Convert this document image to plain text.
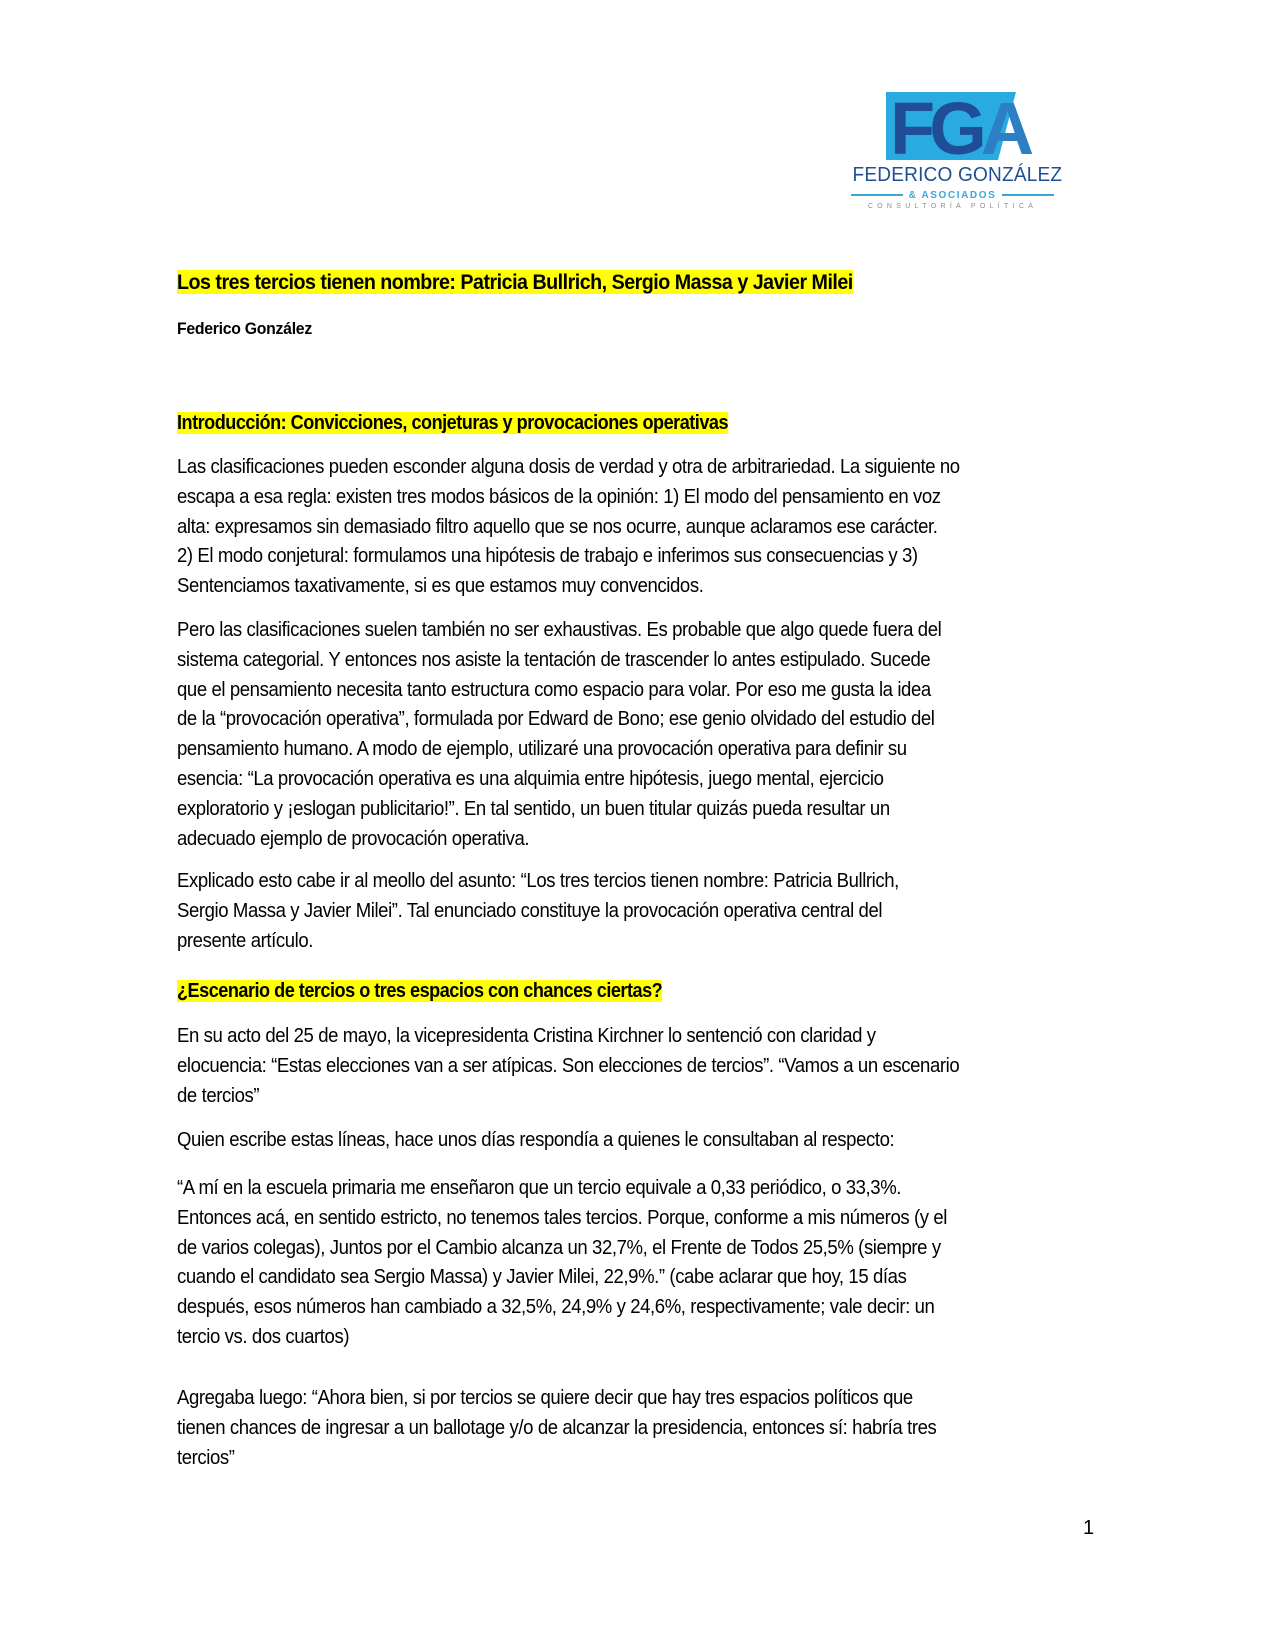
FGA
FEDERICO GONZÁLEZ
& ASOCIADOS
CONSULTORÍA POLÍTICA
Los tres tercios tienen nombre: Patricia Bullrich, Sergio Massa y Javier Milei
Federico González
Introducción: Convicciones, conjeturas y provocaciones operativas

Las clasificaciones pueden esconder alguna dosis de verdad y otra de arbitrariedad. La siguiente no
escapa a esa regla: existen tres modos básicos de la opinión: 1) El modo del pensamiento en voz
alta: expresamos sin demasiado filtro aquello que se nos ocurre, aunque aclaramos ese carácter.
2) El modo conjetural: formulamos una hipótesis de trabajo e inferimos sus consecuencias y 3)
Sentenciamos taxativamente, si es que estamos muy convencidos.

Pero las clasificaciones suelen también no ser exhaustivas. Es probable que algo quede fuera del
sistema categorial. Y entonces nos asiste la tentación de trascender lo antes estipulado. Sucede
que el pensamiento necesita tanto estructura como espacio para volar. Por eso me gusta la idea
de la “provocación operativa”, formulada por Edward de Bono; ese genio olvidado del estudio del
pensamiento humano. A modo de ejemplo, utilizaré una provocación operativa para definir su
esencia: “La provocación operativa es una alquimia entre hipótesis, juego mental, ejercicio
exploratorio y ¡eslogan publicitario!”. En tal sentido, un buen titular quizás pueda resultar un
adecuado ejemplo de provocación operativa.

Explicado esto cabe ir al meollo del asunto: “Los tres tercios tienen nombre: Patricia Bullrich,
Sergio Massa y Javier Milei”. Tal enunciado constituye la provocación operativa central del
presente artículo.

¿Escenario de tercios o tres espacios con chances ciertas?

En su acto del 25 de mayo, la vicepresidenta Cristina Kirchner lo sentenció con claridad y
elocuencia: “Estas elecciones van a ser atípicas. Son elecciones de tercios”. “Vamos a un escenario
de tercios”

Quien escribe estas líneas, hace unos días respondía a quienes le consultaban al respecto:

“A mí en la escuela primaria me enseñaron que un tercio equivale a 0,33 periódico, o 33,3%.
Entonces acá, en sentido estricto, no tenemos tales tercios. Porque, conforme a mis números (y el
de varios colegas), Juntos por el Cambio alcanza un 32,7%, el Frente de Todos 25,5% (siempre y
cuando el candidato sea Sergio Massa) y Javier Milei, 22,9%.” (cabe aclarar que hoy, 15 días
después, esos números han cambiado a 32,5%, 24,9% y 24,6%, respectivamente; vale decir: un
tercio vs. dos cuartos)

Agregaba luego: “Ahora bien, si por tercios se quiere decir que hay tres espacios políticos que
tienen chances de ingresar a un ballotage y/o de alcanzar la presidencia, entonces sí: habría tres
tercios”

1
